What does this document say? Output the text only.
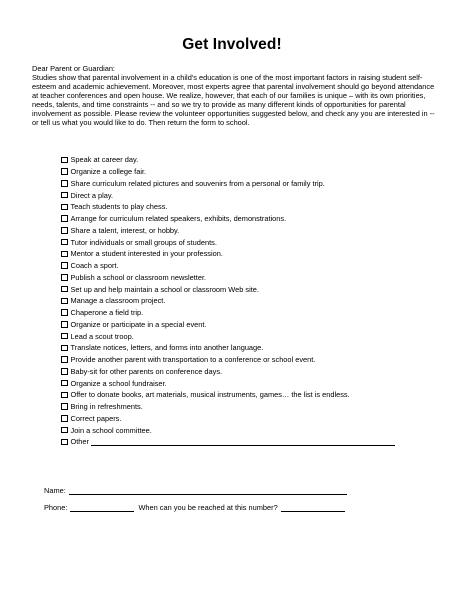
Get Involved!
Dear Parent or Guardian:
Studies show that parental involvement in a child's education is one of the most important factors in raising student self-esteem and academic achievement. Moreover, most experts agree that parental involvement should go beyond attendance at teacher conferences and open house. We realize, however, that each of our families is unique – with its own priorities, needs, talents, and time constraints -- and so we try to provide as many different kinds of opportunities for parental involvement as possible. Please review the volunteer opportunities suggested below, and check any you are interested in -- or tell us what you would like to do. Then return the form to school.
Speak at career day.
Organize a college fair.
Share curriculum related pictures and souvenirs from a personal or family trip.
Direct a play.
Teach students to play chess.
Arrange for curriculum related speakers, exhibits, demonstrations.
Share a talent, interest, or hobby.
Tutor individuals or small groups of students.
Mentor a student interested in your profession.
Coach a sport.
Publish a school or classroom newsletter.
Set up and help maintain a school or classroom Web site.
Manage a classroom project.
Chaperone a field trip.
Organize or participate in a special event.
Lead a scout troop.
Translate notices, letters, and forms into another language.
Provide another parent with transportation to a conference or school event.
Baby-sit for other parents on conference days.
Organize a school fundraiser.
Offer to donate books, art materials, musical instruments, games… the list is endless.
Bring in refreshments.
Correct papers.
Join a school committee.
Other
Name:
Phone:	When can you be reached at this number?
